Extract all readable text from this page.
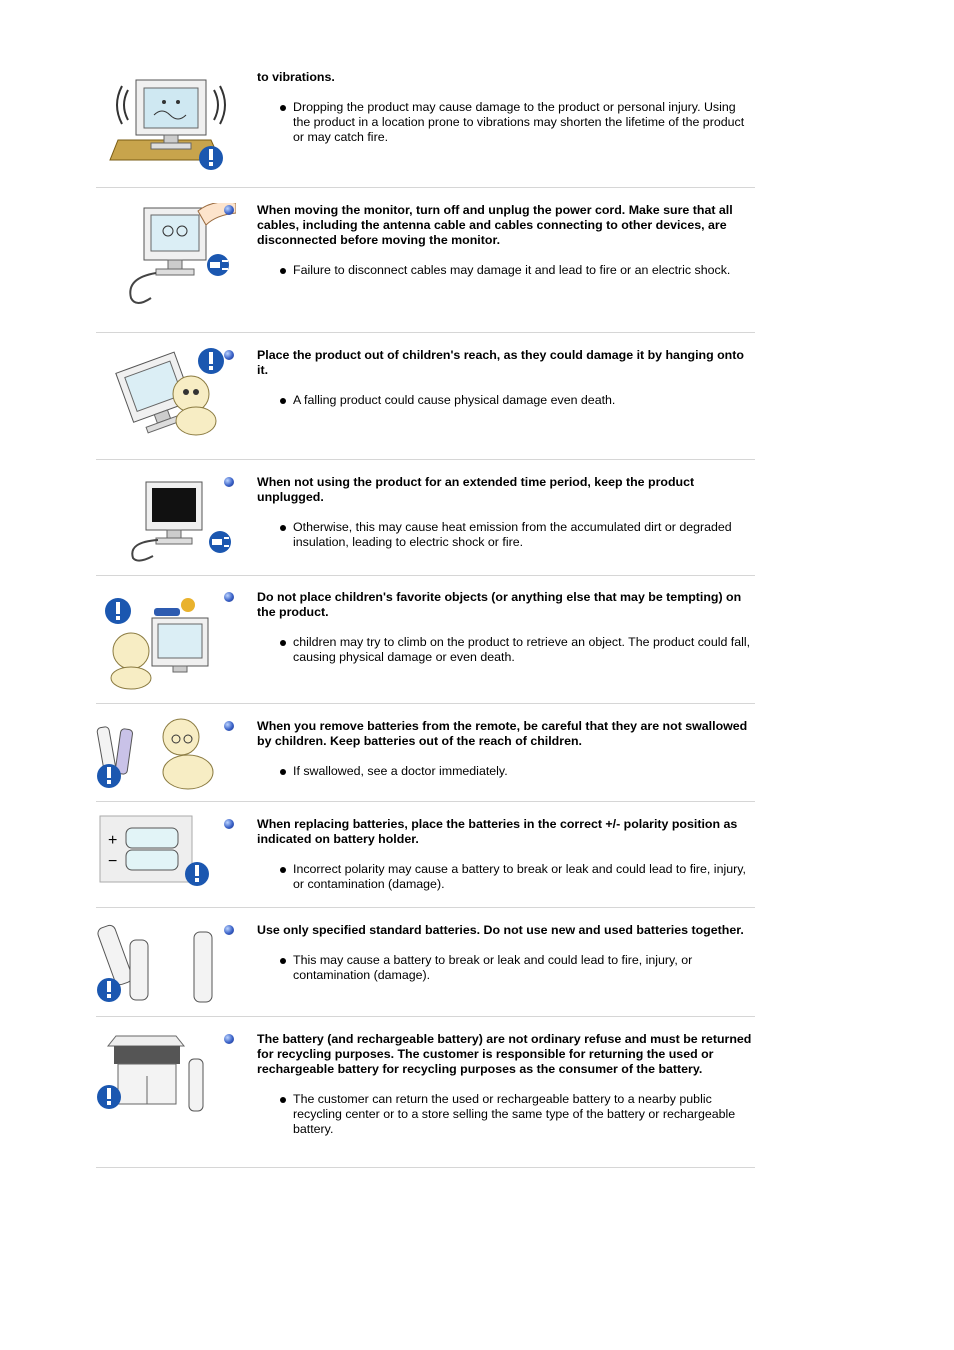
to vibrations.

Dropping the product may cause damage to the product or personal injury. Using the product in a location prone to vibrations may shorten the lifetime of the product or may catch fire.

When moving the monitor, turn off and unplug the power cord. Make sure that all cables, including the antenna cable and cables connecting to other devices, are disconnected before moving the monitor.

Failure to disconnect cables may damage it and lead to fire or an electric shock.

Place the product out of children's reach, as they could damage it by hanging onto it.

A falling product could cause physical damage even death.

When not using the product for an extended time period, keep the product unplugged.

Otherwise, this may cause heat emission from the accumulated dirt or degraded insulation, leading to electric shock or fire.

Do not place children's favorite objects (or anything else that may be tempting) on the product.

children may try to climb on the product to retrieve an object. The product could fall, causing physical damage or even death.

When you remove batteries from the remote, be careful that they are not swallowed by children. Keep batteries out of the reach of children.

If swallowed, see a doctor immediately.
+
−

When replacing batteries, place the batteries in the correct +/- polarity position as indicated on battery holder.

Incorrect polarity may cause a battery to break or leak and could lead to fire, injury, or contamination (damage).

Use only specified standard batteries. Do not use new and used batteries together.

This may cause a battery to break or leak and could lead to fire, injury, or contamination (damage).

The battery (and rechargeable battery) are not ordinary refuse and must be returned for recycling purposes. The customer is responsible for returning the used or rechargeable battery for recycling purposes as the consumer of the battery.

The customer can return the used or rechargeable battery to a nearby public recycling center or to a store selling the same type of the battery or rechargeable battery.
